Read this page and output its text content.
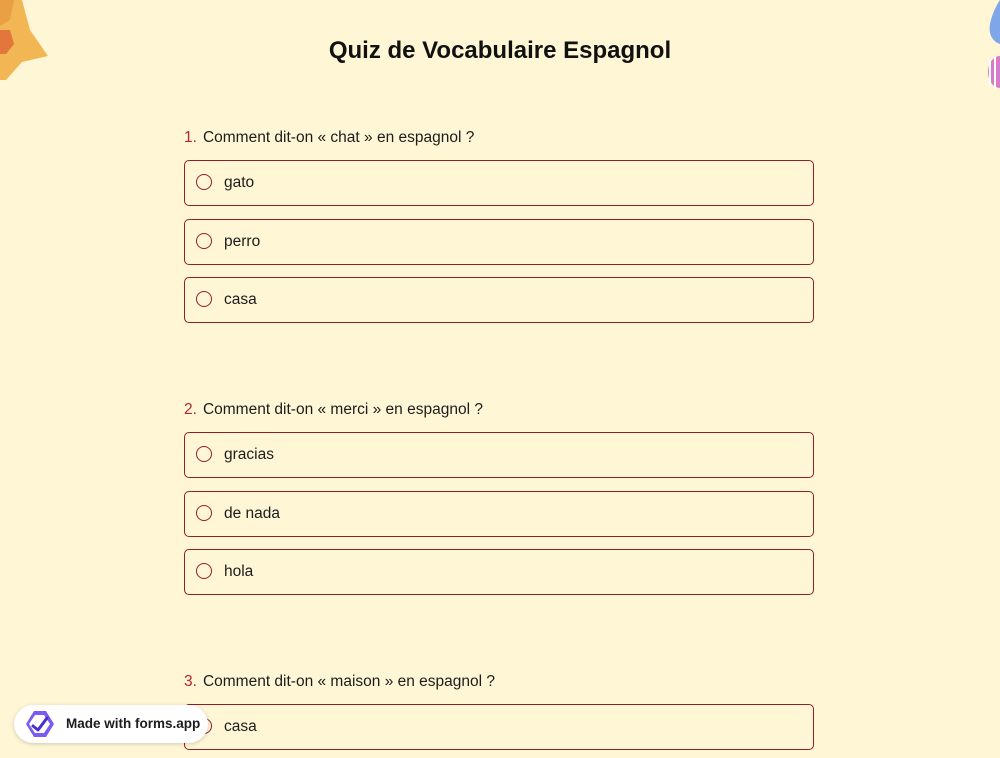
Quiz de Vocabulaire Espagnol
1. Comment dit-on « chat » en espagnol ?
gato
perro
casa
2. Comment dit-on « merci » en espagnol ?
gracias
de nada
hola
3. Comment dit-on « maison » en espagnol ?
casa
Made with forms.app
